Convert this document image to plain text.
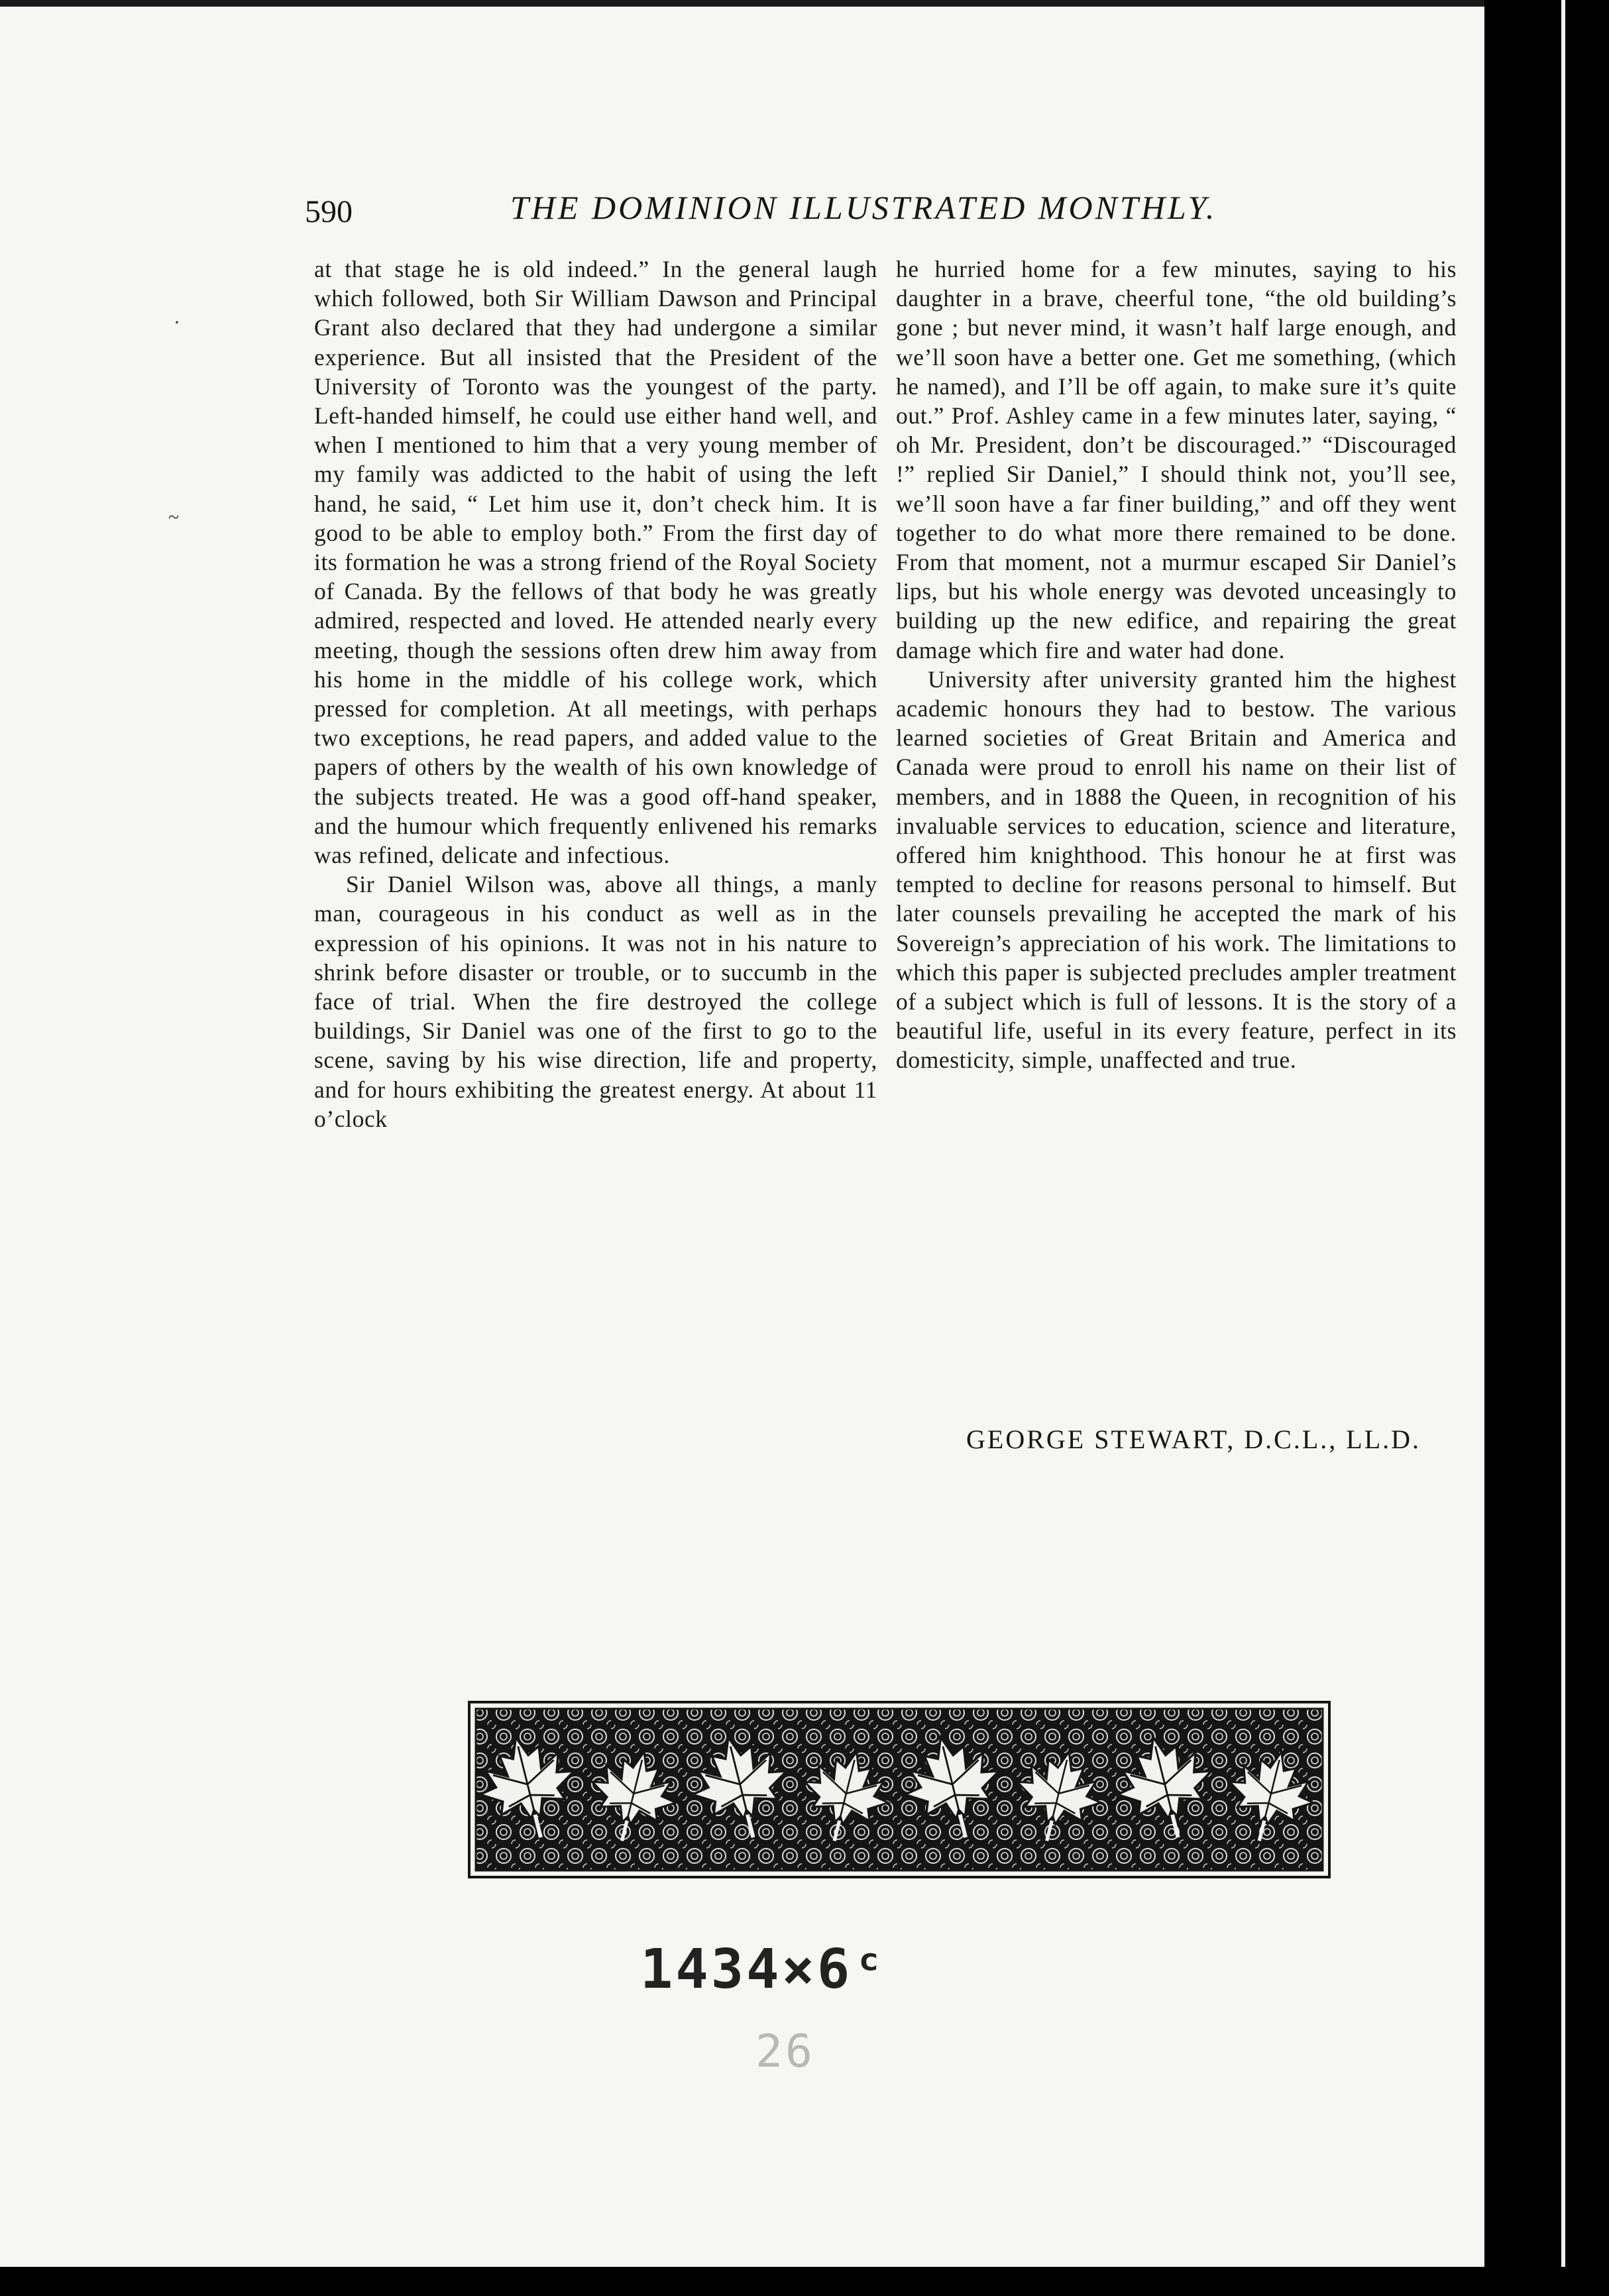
590	THE DOMINION ILLUSTRATED MONTHLY.

at that stage he is old indeed.” In the general laugh which followed, both Sir William Dawson and Principal Grant also declared that they had undergone a similar experience. But all insisted that the President of the University of Toronto was the youngest of the party. Left-handed himself, he could use either hand well, and when I mentioned to him that a very young member of my family was addicted to the habit of using the left hand, he said, “ Let him use it, don’t check him. It is good to be able to employ both.” From the first day of its formation he was a strong friend of the Royal Society of Canada. By the fellows of that body he was greatly admired, respected and loved. He attended nearly every meeting, though the sessions often drew him away from his home in the middle of his college work, which pressed for completion. At all meetings, with perhaps two exceptions, he read papers, and added value to the papers of others by the wealth of his own knowledge of the subjects treated. He was a good off-hand speaker, and the humour which frequently enlivened his remarks was refined, delicate and infectious.

Sir Daniel Wilson was, above all things, a manly man, courageous in his conduct as well as in the expression of his opinions. It was not in his nature to shrink before disaster or trouble, or to succumb in the face of trial. When the fire destroyed the college buildings, Sir Daniel was one of the first to go to the scene, saving by his wise direction, life and property, and for hours exhibiting the greatest energy. At about 11 o’clock

he hurried home for a few minutes, saying to his daughter in a brave, cheerful tone, “the old building’s gone ; but never mind, it wasn’t half large enough, and we’ll soon have a better one. Get me something, (which he named), and I’ll be off again, to make sure it’s quite out.” Prof. Ashley came in a few minutes later, saying, “ oh Mr. President, don’t be discouraged.” “Discouraged !” replied Sir Daniel,” I should think not, you’ll see, we’ll soon have a far finer building,” and off they went together to do what more there remained to be done. From that moment, not a murmur escaped Sir Daniel’s lips, but his whole energy was devoted unceasingly to building up the new edifice, and repairing the great damage which fire and water had done.

University after university granted him the highest academic honours they had to bestow. The various learned societies of Great Britain and America and Canada were proud to enroll his name on their list of members, and in 1888 the Queen, in recognition of his invaluable services to education, science and literature, offered him knighthood. This honour he at first was tempted to decline for reasons personal to himself. But later counsels prevailing he accepted the mark of his Sovereign’s appreciation of his work. The limitations to which this paper is subjected precludes ampler treatment of a subject which is full of lessons. It is the story of a beautiful life, useful in its every feature, perfect in its domesticity, simple, unaffected and true.

GEORGE STEWART, D.C.L., LL.D.
1434×6ᶜ
26
·
~
